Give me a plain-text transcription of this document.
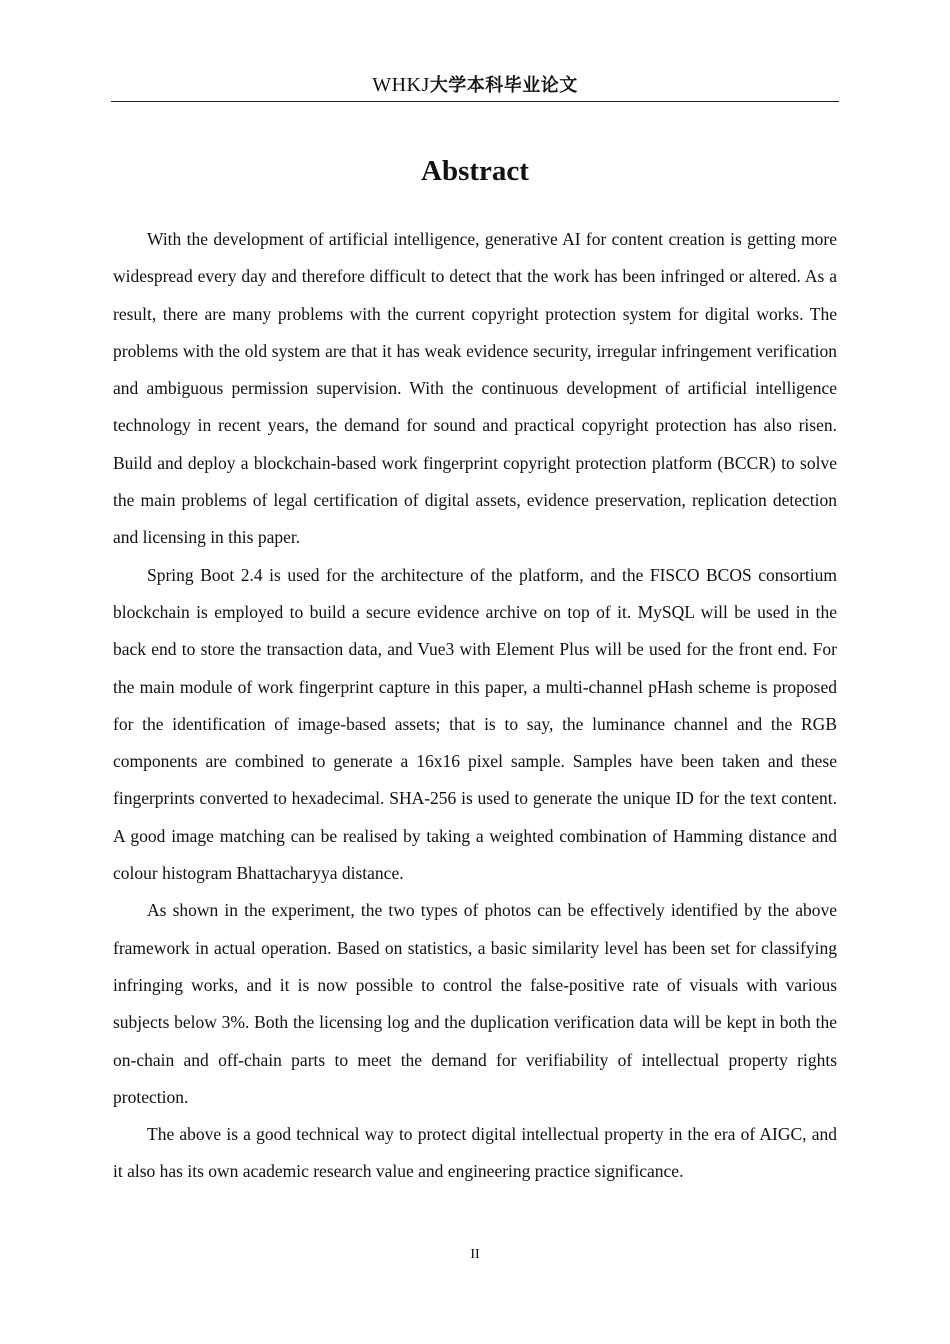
WHKJ大学本科毕业论文
Abstract

With the development of artificial intelligence, generative AI for content creation is getting more widespread every day and therefore difficult to detect that the work has been infringed or altered. As a result, there are many problems with the current copyright protection system for digital works. The problems with the old system are that it has weak evidence security, irregular infringement verification and ambiguous permission supervision. With the continuous development of artificial intelligence technology in recent years, the demand for sound and practical copyright protection has also risen. Build and deploy a blockchain-based work fingerprint copyright protection platform (BCCR) to solve the main problems of legal certification of digital assets, evidence preservation, replication detection and licensing in this paper.

Spring Boot 2.4 is used for the architecture of the platform, and the FISCO BCOS consortium blockchain is employed to build a secure evidence archive on top of it. MySQL will be used in the back end to store the transaction data, and Vue3 with Element Plus will be used for the front end. For the main module of work fingerprint capture in this paper, a multi-channel pHash scheme is proposed for the identification of image-based assets; that is to say, the luminance channel and the RGB components are combined to generate a 16x16 pixel sample. Samples have been taken and these fingerprints converted to hexadecimal. SHA-256 is used to generate the unique ID for the text content. A good image matching can be realised by taking a weighted combination of Hamming distance and colour histogram Bhattacharyya distance.

As shown in the experiment, the two types of photos can be effectively identified by the above framework in actual operation. Based on statistics, a basic similarity level has been set for classifying infringing works, and it is now possible to control the false-positive rate of visuals with various subjects below 3%. Both the licensing log and the duplication verification data will be kept in both the on-chain and off-chain parts to meet the demand for verifiability of intellectual property rights protection.

The above is a good technical way to protect digital intellectual property in the era of AIGC, and it also has its own academic research value and engineering practice significance.

II
